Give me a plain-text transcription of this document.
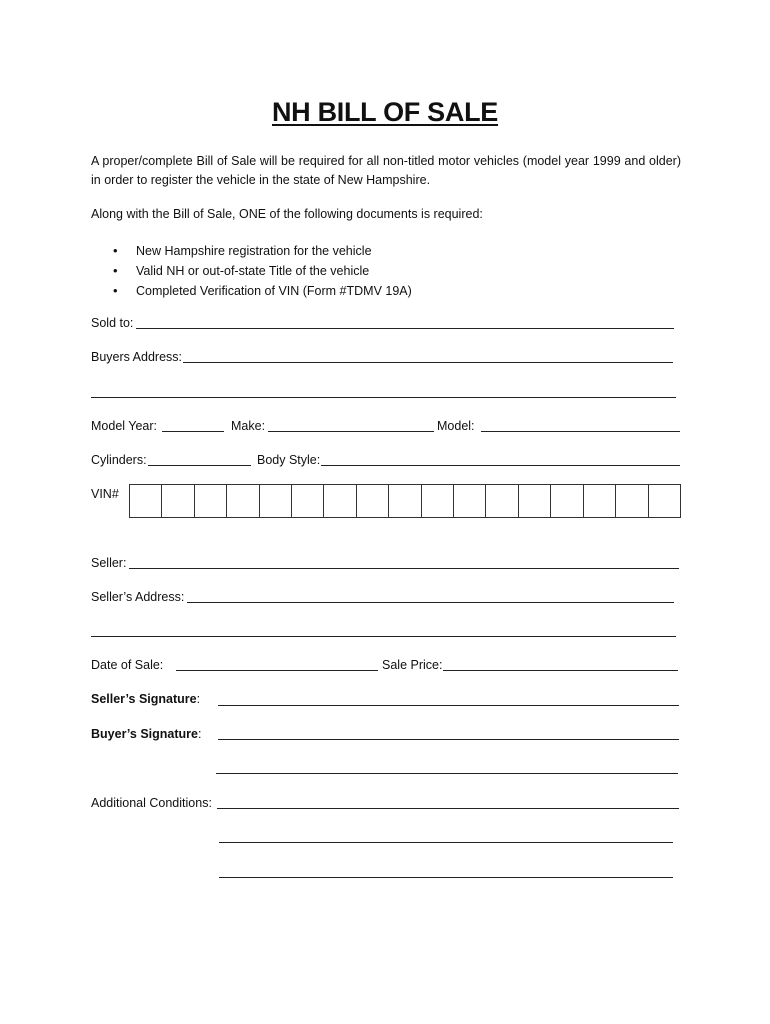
NH BILL OF SALE
A proper/complete Bill of Sale will be required for all non-titled motor vehicles (model year 1999 and older) in order to register the vehicle in the state of New Hampshire.
Along with the Bill of Sale, ONE of the following documents is required:
• New Hampshire registration for the vehicle
• Valid NH or out-of-state Title of the vehicle
• Completed Verification of VIN (Form #TDMV 19A)
Sold to:
Buyers Address:
Model Year:	Make:	Model:
Cylinders:	Body Style:
VIN#
Seller:
Seller’s Address:
Date of Sale:	Sale Price:
Seller’s Signature:
Buyer’s Signature:
Additional Conditions:
